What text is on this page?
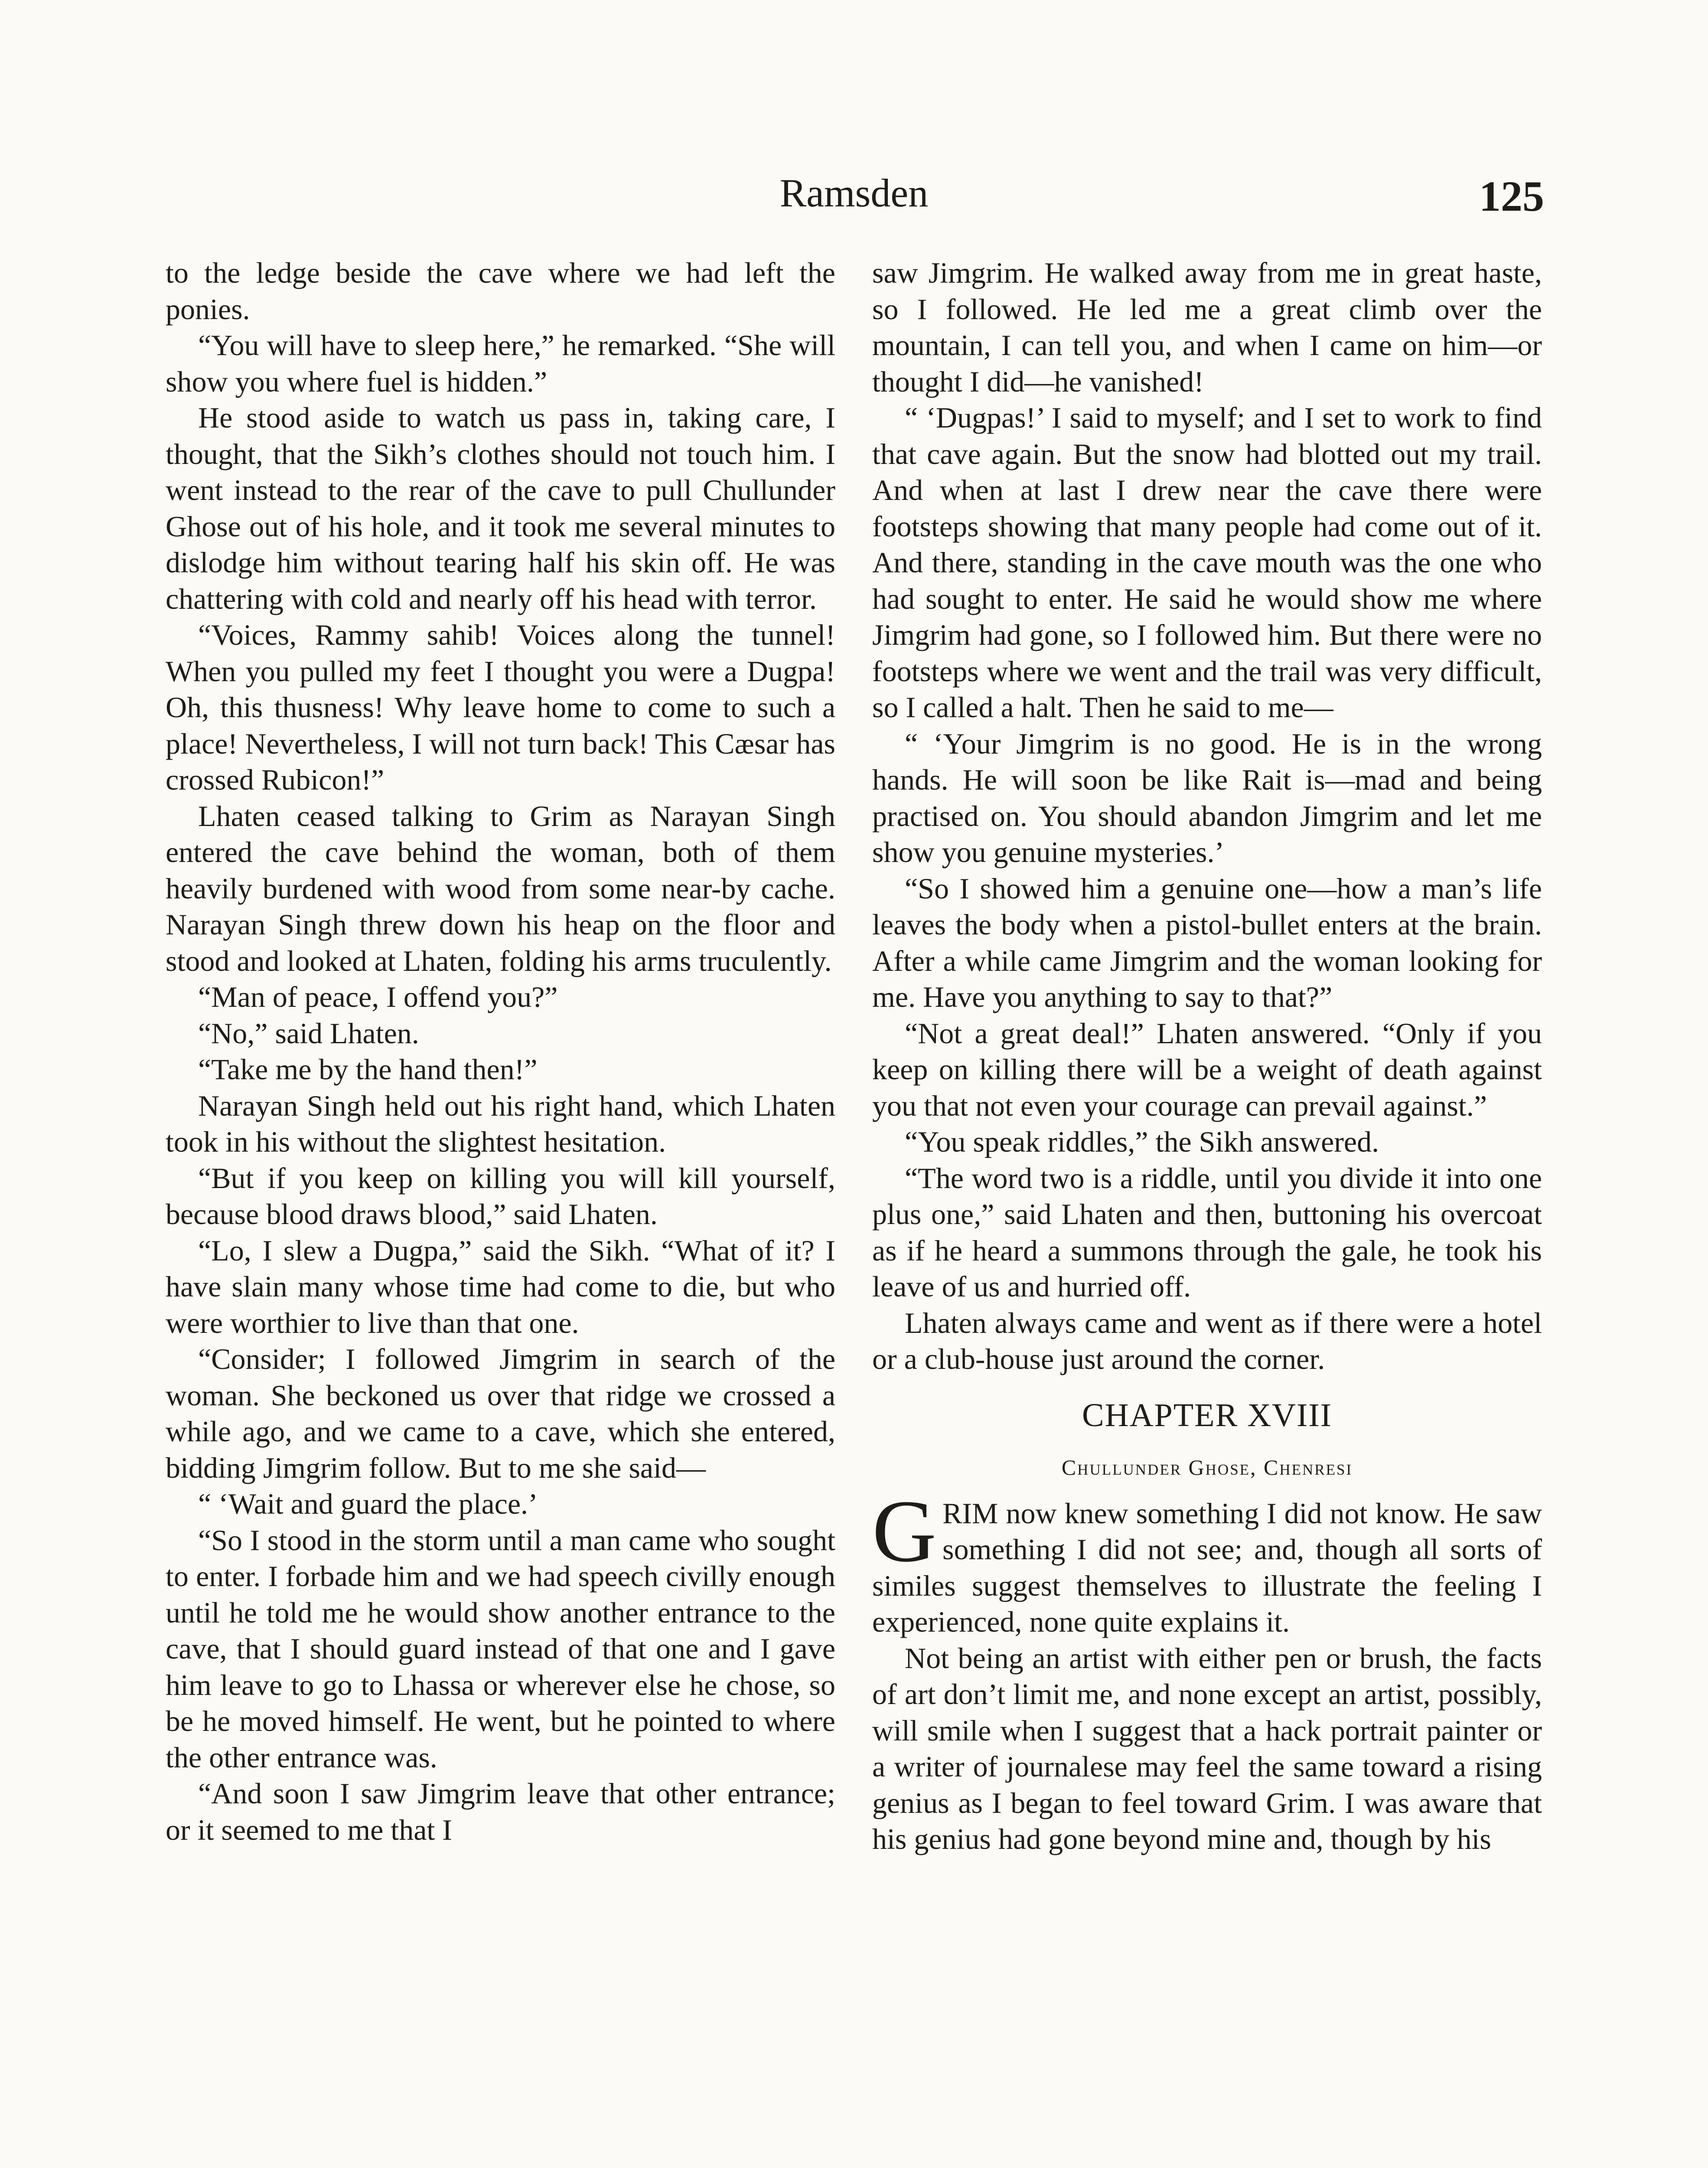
Ramsden	125

to the ledge beside the cave where we had left the ponies.

“You will have to sleep here,” he remarked. “She will show you where fuel is hidden.”

He stood aside to watch us pass in, taking care, I thought, that the Sikh’s clothes should not touch him. I went instead to the rear of the cave to pull Chullunder Ghose out of his hole, and it took me several minutes to dislodge him without tearing half his skin off. He was chattering with cold and nearly off his head with terror.

“Voices, Rammy sahib! Voices along the tunnel! When you pulled my feet I thought you were a Dugpa! Oh, this thusness! Why leave home to come to such a place! Nevertheless, I will not turn back! This Cæsar has crossed Rubicon!”

Lhaten ceased talking to Grim as Narayan Singh entered the cave behind the woman, both of them heavily burdened with wood from some near-by cache. Narayan Singh threw down his heap on the floor and stood and looked at Lhaten, folding his arms truculently.

“Man of peace, I offend you?”

“No,” said Lhaten.

“Take me by the hand then!”

Narayan Singh held out his right hand, which Lhaten took in his without the slightest hesitation.

“But if you keep on killing you will kill yourself, because blood draws blood,” said Lhaten.

“Lo, I slew a Dugpa,” said the Sikh. “What of it? I have slain many whose time had come to die, but who were worthier to live than that one.

“Consider; I followed Jimgrim in search of the woman. She beckoned us over that ridge we crossed a while ago, and we came to a cave, which she entered, bidding Jimgrim follow. But to me she said—

“ ‘Wait and guard the place.’

“So I stood in the storm until a man came who sought to enter. I forbade him and we had speech civilly enough until he told me he would show another entrance to the cave, that I should guard instead of that one and I gave him leave to go to Lhassa or wherever else he chose, so be he moved himself. He went, but he pointed to where the other entrance was.

“And soon I saw Jimgrim leave that other entrance; or it seemed to me that I

saw Jimgrim. He walked away from me in great haste, so I followed. He led me a great climb over the mountain, I can tell you, and when I came on him—or thought I did—he vanished!

“ ‘Dugpas!’ I said to myself; and I set to work to find that cave again. But the snow had blotted out my trail. And when at last I drew near the cave there were footsteps showing that many people had come out of it. And there, standing in the cave mouth was the one who had sought to enter. He said he would show me where Jimgrim had gone, so I followed him. But there were no footsteps where we went and the trail was very difficult, so I called a halt. Then he said to me—

“ ‘Your Jimgrim is no good. He is in the wrong hands. He will soon be like Rait is—mad and being practised on. You should abandon Jimgrim and let me show you genuine mysteries.’

“So I showed him a genuine one—how a man’s life leaves the body when a pistol-bullet enters at the brain. After a while came Jimgrim and the woman looking for me. Have you anything to say to that?”

“Not a great deal!” Lhaten answered. “Only if you keep on killing there will be a weight of death against you that not even your courage can prevail against.”

“You speak riddles,” the Sikh answered.

“The word two is a riddle, until you divide it into one plus one,” said Lhaten and then, buttoning his overcoat as if he heard a summons through the gale, he took his leave of us and hurried off.

Lhaten always came and went as if there were a hotel or a club-house just around the corner.

CHAPTER XVIII
Chullunder Ghose, Chenresi

GRIM now knew something I did not know. He saw something I did not see; and, though all sorts of similes suggest themselves to illustrate the feeling I experienced, none quite explains it.

Not being an artist with either pen or brush, the facts of art don’t limit me, and none except an artist, possibly, will smile when I suggest that a hack portrait painter or a writer of journalese may feel the same toward a rising genius as I began to feel toward Grim. I was aware that his genius had gone beyond mine and, though by his
